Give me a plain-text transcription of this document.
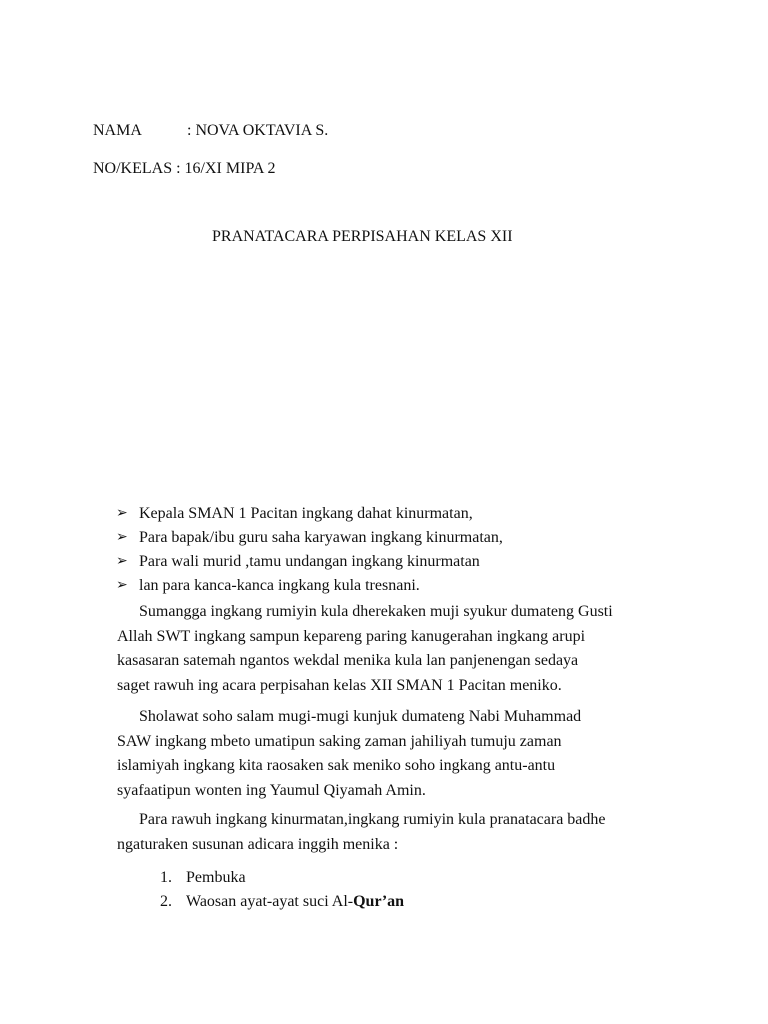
NAMA	: NOVA OKTAVIA S.
NO/KELAS : 16/XI MIPA 2
PRANATACARA PERPISAHAN KELAS XII
➢ Kepala SMAN 1 Pacitan ingkang dahat kinurmatan,
➢ Para bapak/ibu guru saha karyawan ingkang kinurmatan,
➢ Para wali murid ,tamu undangan ingkang kinurmatan
➢ lan para kanca-kanca ingkang kula tresnani.

Sumangga ingkang rumiyin kula dherekaken muji syukur dumateng Gusti
Allah SWT ingkang sampun kepareng paring kanugerahan ingkang arupi
kasasaran satemah ngantos wekdal menika kula lan panjenengan sedaya
saget rawuh ing acara perpisahan kelas XII SMAN 1 Pacitan meniko.

Sholawat soho salam mugi-mugi kunjuk dumateng Nabi Muhammad
SAW ingkang mbeto umatipun saking zaman jahiliyah tumuju zaman
islamiyah ingkang kita raosaken sak meniko soho ingkang antu-antu
syafaatipun wonten ing Yaumul Qiyamah Amin.

Para rawuh ingkang kinurmatan,ingkang rumiyin kula pranatacara badhe
ngaturaken susunan adicara inggih menika :

1. Pembuka
2. Waosan ayat-ayat suci Al-Qur’an
